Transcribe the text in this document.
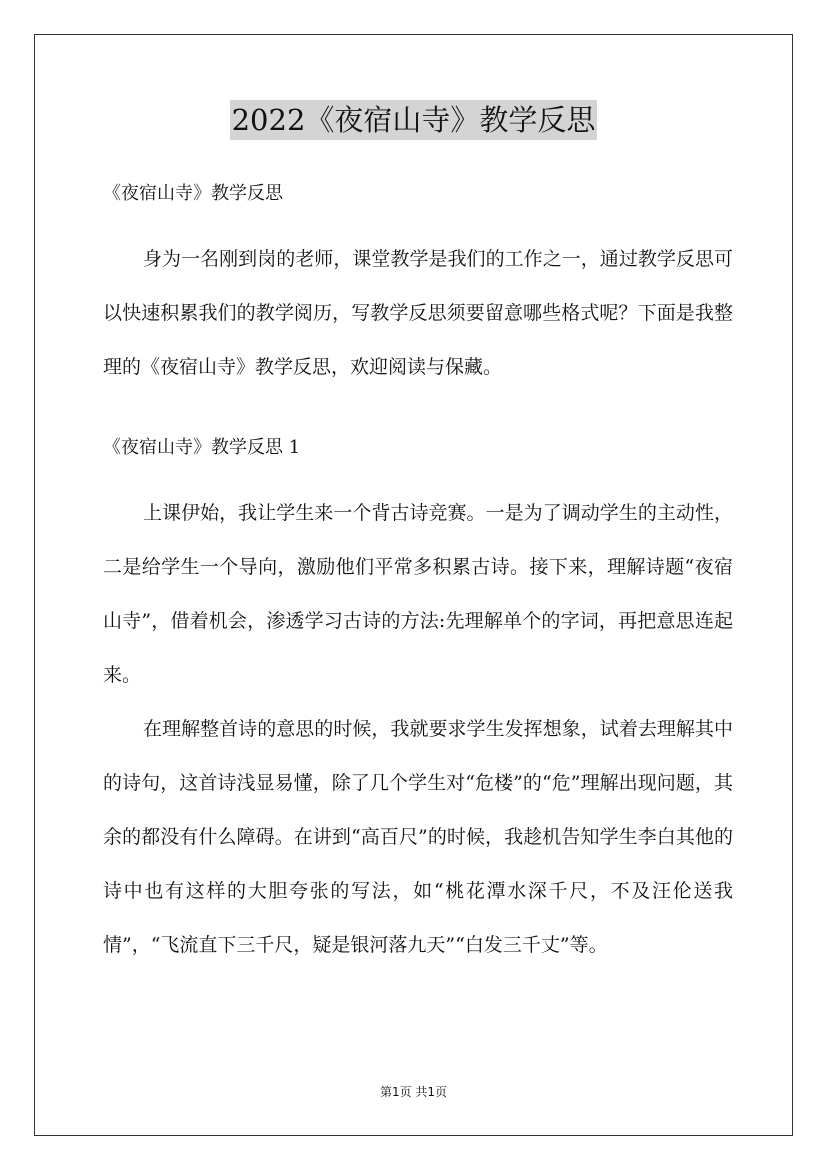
2022《夜宿山寺》教学反思

《夜宿山寺》教学反思

身为一名刚到岗的老师，课堂教学是我们的工作之一，通过教学反思可以快速积累我们的教学阅历，写教学反思须要留意哪些格式呢？下面是我整理的《夜宿山寺》教学反思，欢迎阅读与保藏。

《夜宿山寺》教学反思 1

上课伊始，我让学生来一个背古诗竞赛。一是为了调动学生的主动性，二是给学生一个导向，激励他们平常多积累古诗。接下来，理解诗题“夜宿山寺”，借着机会，渗透学习古诗的方法:先理解单个的字词，再把意思连起来。

在理解整首诗的意思的时候，我就要求学生发挥想象，试着去理解其中的诗句，这首诗浅显易懂，除了几个学生对“危楼”的“危”理解出现问题，其余的都没有什么障碍。在讲到“高百尺”的时候，我趁机告知学生李白其他的诗中也有这样的大胆夸张的写法，如“桃花潭水深千尺，不及汪伦送我情”，“飞流直下三千尺，疑是银河落九天”“白发三千丈”等。

第1页 共1页
